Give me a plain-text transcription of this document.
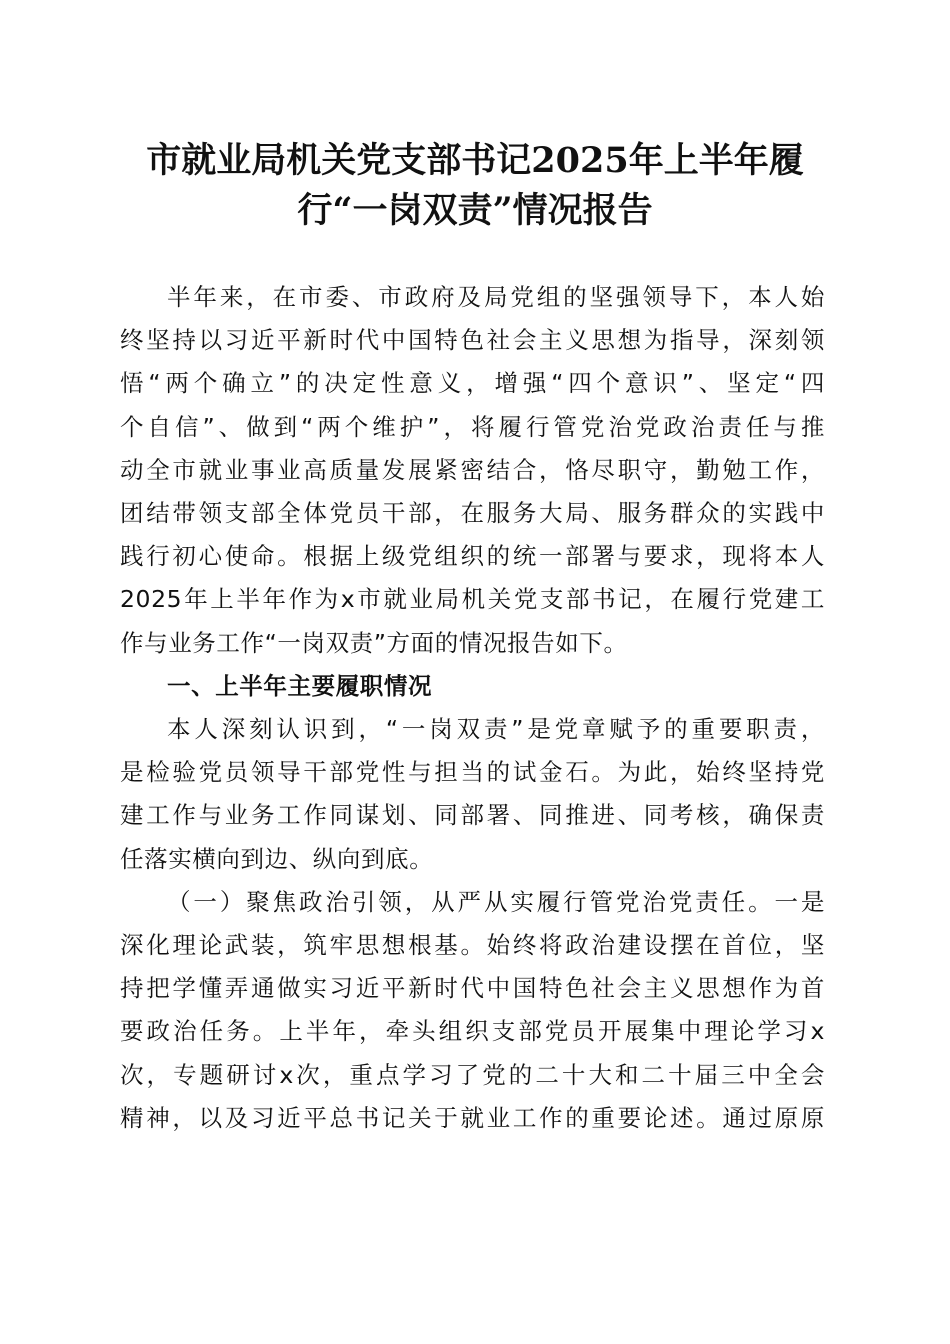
市就业局机关党支部书记2025年上半年履
行“一岗双责”情况报告
半年来，在市委、市政府及局党组的坚强领导下，本人始
终坚持以习近平新时代中国特色社会主义思想为指导，深刻领
悟“两个确立”的决定性意义，增强“四个意识”、坚定“四
个自信”、做到“两个维护”，将履行管党治党政治责任与推
动全市就业事业高质量发展紧密结合，恪尽职守，勤勉工作，
团结带领支部全体党员干部，在服务大局、服务群众的实践中
践行初心使命。根据上级党组织的统一部署与要求，现将本人
2025年上半年作为x市就业局机关党支部书记，在履行党建工
作与业务工作“一岗双责”方面的情况报告如下。
一、上半年主要履职情况
本人深刻认识到，“一岗双责”是党章赋予的重要职责，
是检验党员领导干部党性与担当的试金石。为此，始终坚持党
建工作与业务工作同谋划、同部署、同推进、同考核，确保责
任落实横向到边、纵向到底。
（一）聚焦政治引领，从严从实履行管党治党责任。一是
深化理论武装，筑牢思想根基。始终将政治建设摆在首位，坚
持把学懂弄通做实习近平新时代中国特色社会主义思想作为首
要政治任务。上半年，牵头组织支部党员开展集中理论学习x
次，专题研讨x次，重点学习了党的二十大和二十届三中全会
精神，以及习近平总书记关于就业工作的重要论述。通过原原
